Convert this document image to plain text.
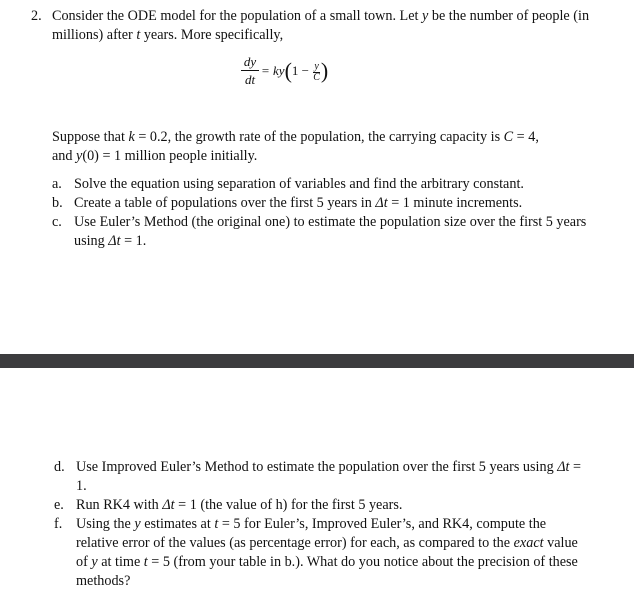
2. Consider the ODE model for the population of a small town. Let y be the number of people (in millions) after t years. More specifically,
dy
dt
= $ky(1 - \frac{y}{C})$
Suppose that k = 0.2, the growth rate of the population, the carrying capacity is C = 4,
and y(0) = 1 million people initially.
a. Solve the equation using separation of variables and find the arbitrary constant.
b. Create a table of populations over the first 5 years in Δt = 1 minute increments.
c. Use Euler’s Method (the original one) to estimate the population size over the first 5 years using Δt = 1.
d. Use Improved Euler’s Method to estimate the population over the first 5 years using Δt = 1.
e. Run RK4 with Δt = 1 (the value of h) for the first 5 years.
f. Using the y estimates at t = 5 for Euler’s, Improved Euler’s, and RK4, compute the relative error of the values (as percentage error) for each, as compared to the exact value of y at time t = 5 (from your table in b.). What do you notice about the precision of these methods?
